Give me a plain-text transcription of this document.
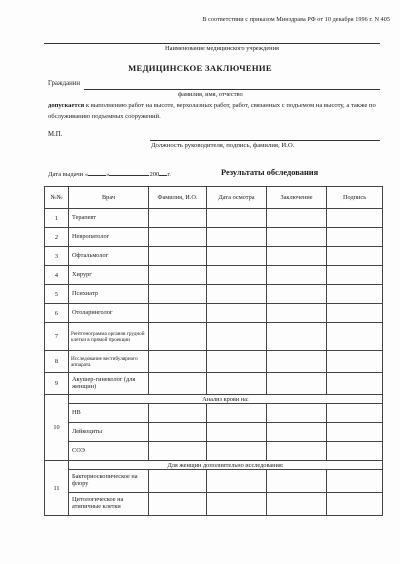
В соответствии с приказом Минздрава РФ от 10 декабря 1996 г. N 405
Наименование медицинского учреждения
МЕДИЦИНСКОЕ ЗАКЛЮЧЕНИЕ
Гражданин
фамилия, имя, отчество
допускается к выполнению работ на высоте, верхолазных работ, работ, связанных с подъемом на высоту, а также по обслуживанию подъемных сооружений.
М.П.
Должность руководителя, подпись, фамилия, И.О.
Дата выдачи «	»	200 г.	Результаты обследования
№№	Врач	Фамилия, И.О.	Дата осмотра	Заключение	Подпись
1	Терапевт				
2	Невропатолог				
3	Офтальмолог				
4	Хирург				
5	Психиатр				
6	Отоларинголог				
7	Рентгенограмма органов грудной клетки в прямой проекции				
8	Исследование вестибулярного аппарата				
9	Акушер-гинеколог (для женщин)				
10	Анализ крови на:				
	НВ				
	Лейкоциты				
	СОЭ				
11	Для женщин дополнительно исследования:				
	Бактериоскопическое на флору				
	Цитологическое на атипичные клетки				
